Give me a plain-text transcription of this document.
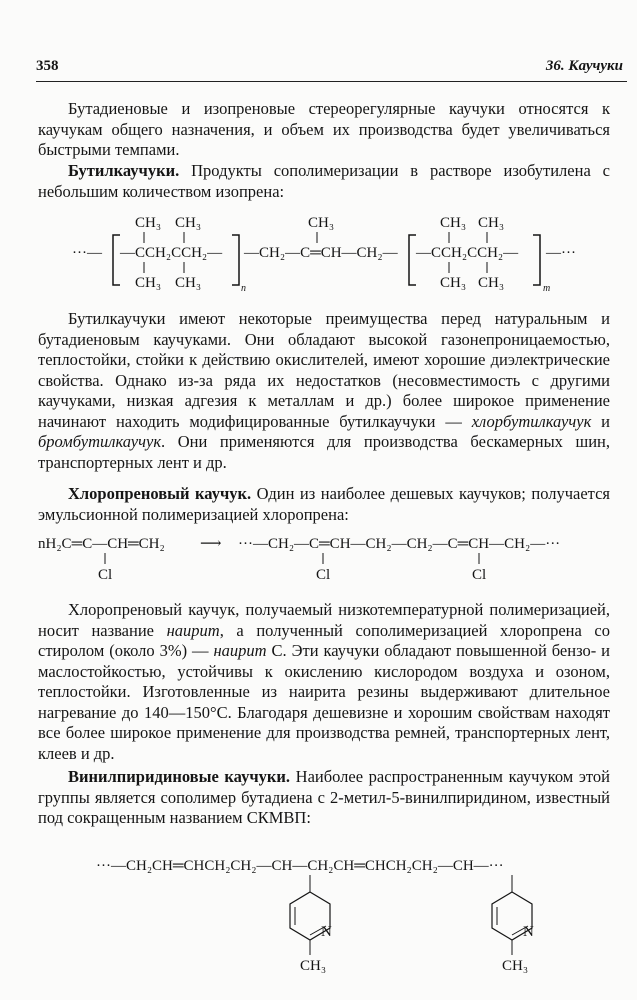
358	36. Каучуки

Бутадиеновые и изопреновые стереорегулярные каучуки относятся к каучукам общего назначения, и объем их производства будет увеличиваться быстрыми темпами.

Бутилкаучуки. Продукты сополимеризации в растворе изобутилена с небольшим количеством изопрена:

···—
CH₃ CH₃
—CCH₂CCH₂—
CH₃ CH₃	n
CH₃
—CH₂—C═CH—CH₂—
CH₃ CH₃
—CCH₂CCH₂—
CH₃ CH₃	m
—···

Бутилкаучуки имеют некоторые преимущества перед натуральным и бутадиеновым каучуками. Они обладают высокой газонепроницаемостью, теплостойки, стойки к действию окислителей, имеют хорошие диэлектрические свойства. Однако из-за ряда их недостатков (несовместимость с другими каучуками, низкая адгезия к металлам и др.) более широкое применение начинают находить модифицированные бутилкаучуки — хлорбутилкаучук и бромбутилкаучук. Они применяются для производства бескамерных шин, транспортерных лент и др.

Хлоропреновый каучук. Один из наиболее дешевых каучуков; получается эмульсионной полимеризацией хлоропрена:

nH₂C═C—CH═CH₂
Cl
⟶ ···—CH₂—C═CH—CH₂—CH₂—C═CH—CH₂—···
Cl	Cl

Хлоропреновый каучук, получаемый низкотемпературной полимеризацией, носит название наирит, а полученный сополимеризацией хлоропрена со стиролом (около 3%) — наирит С. Эти каучуки обладают повышенной бензо- и маслостойкостью, устойчивы к окислению кислородом воздуха и озоном, теплостойки. Изготовленные из наирита резины выдерживают длительное нагревание до 140—150°C. Благодаря дешевизне и хорошим свойствам находят все более широкое применение для производства ремней, транспортерных лент, клеев и др.

Винилпиридиновые каучуки. Наиболее распространенным каучуком этой группы является сополимер бутадиена с 2-метил-5-винилпиридином, известный под сокращенным названием СКМВП:

···—CH₂CH═CHCH₂CH₂—CH—CH₂CH═CHCH₂CH₂—CH—···
N
CH₃
N
CH₃
